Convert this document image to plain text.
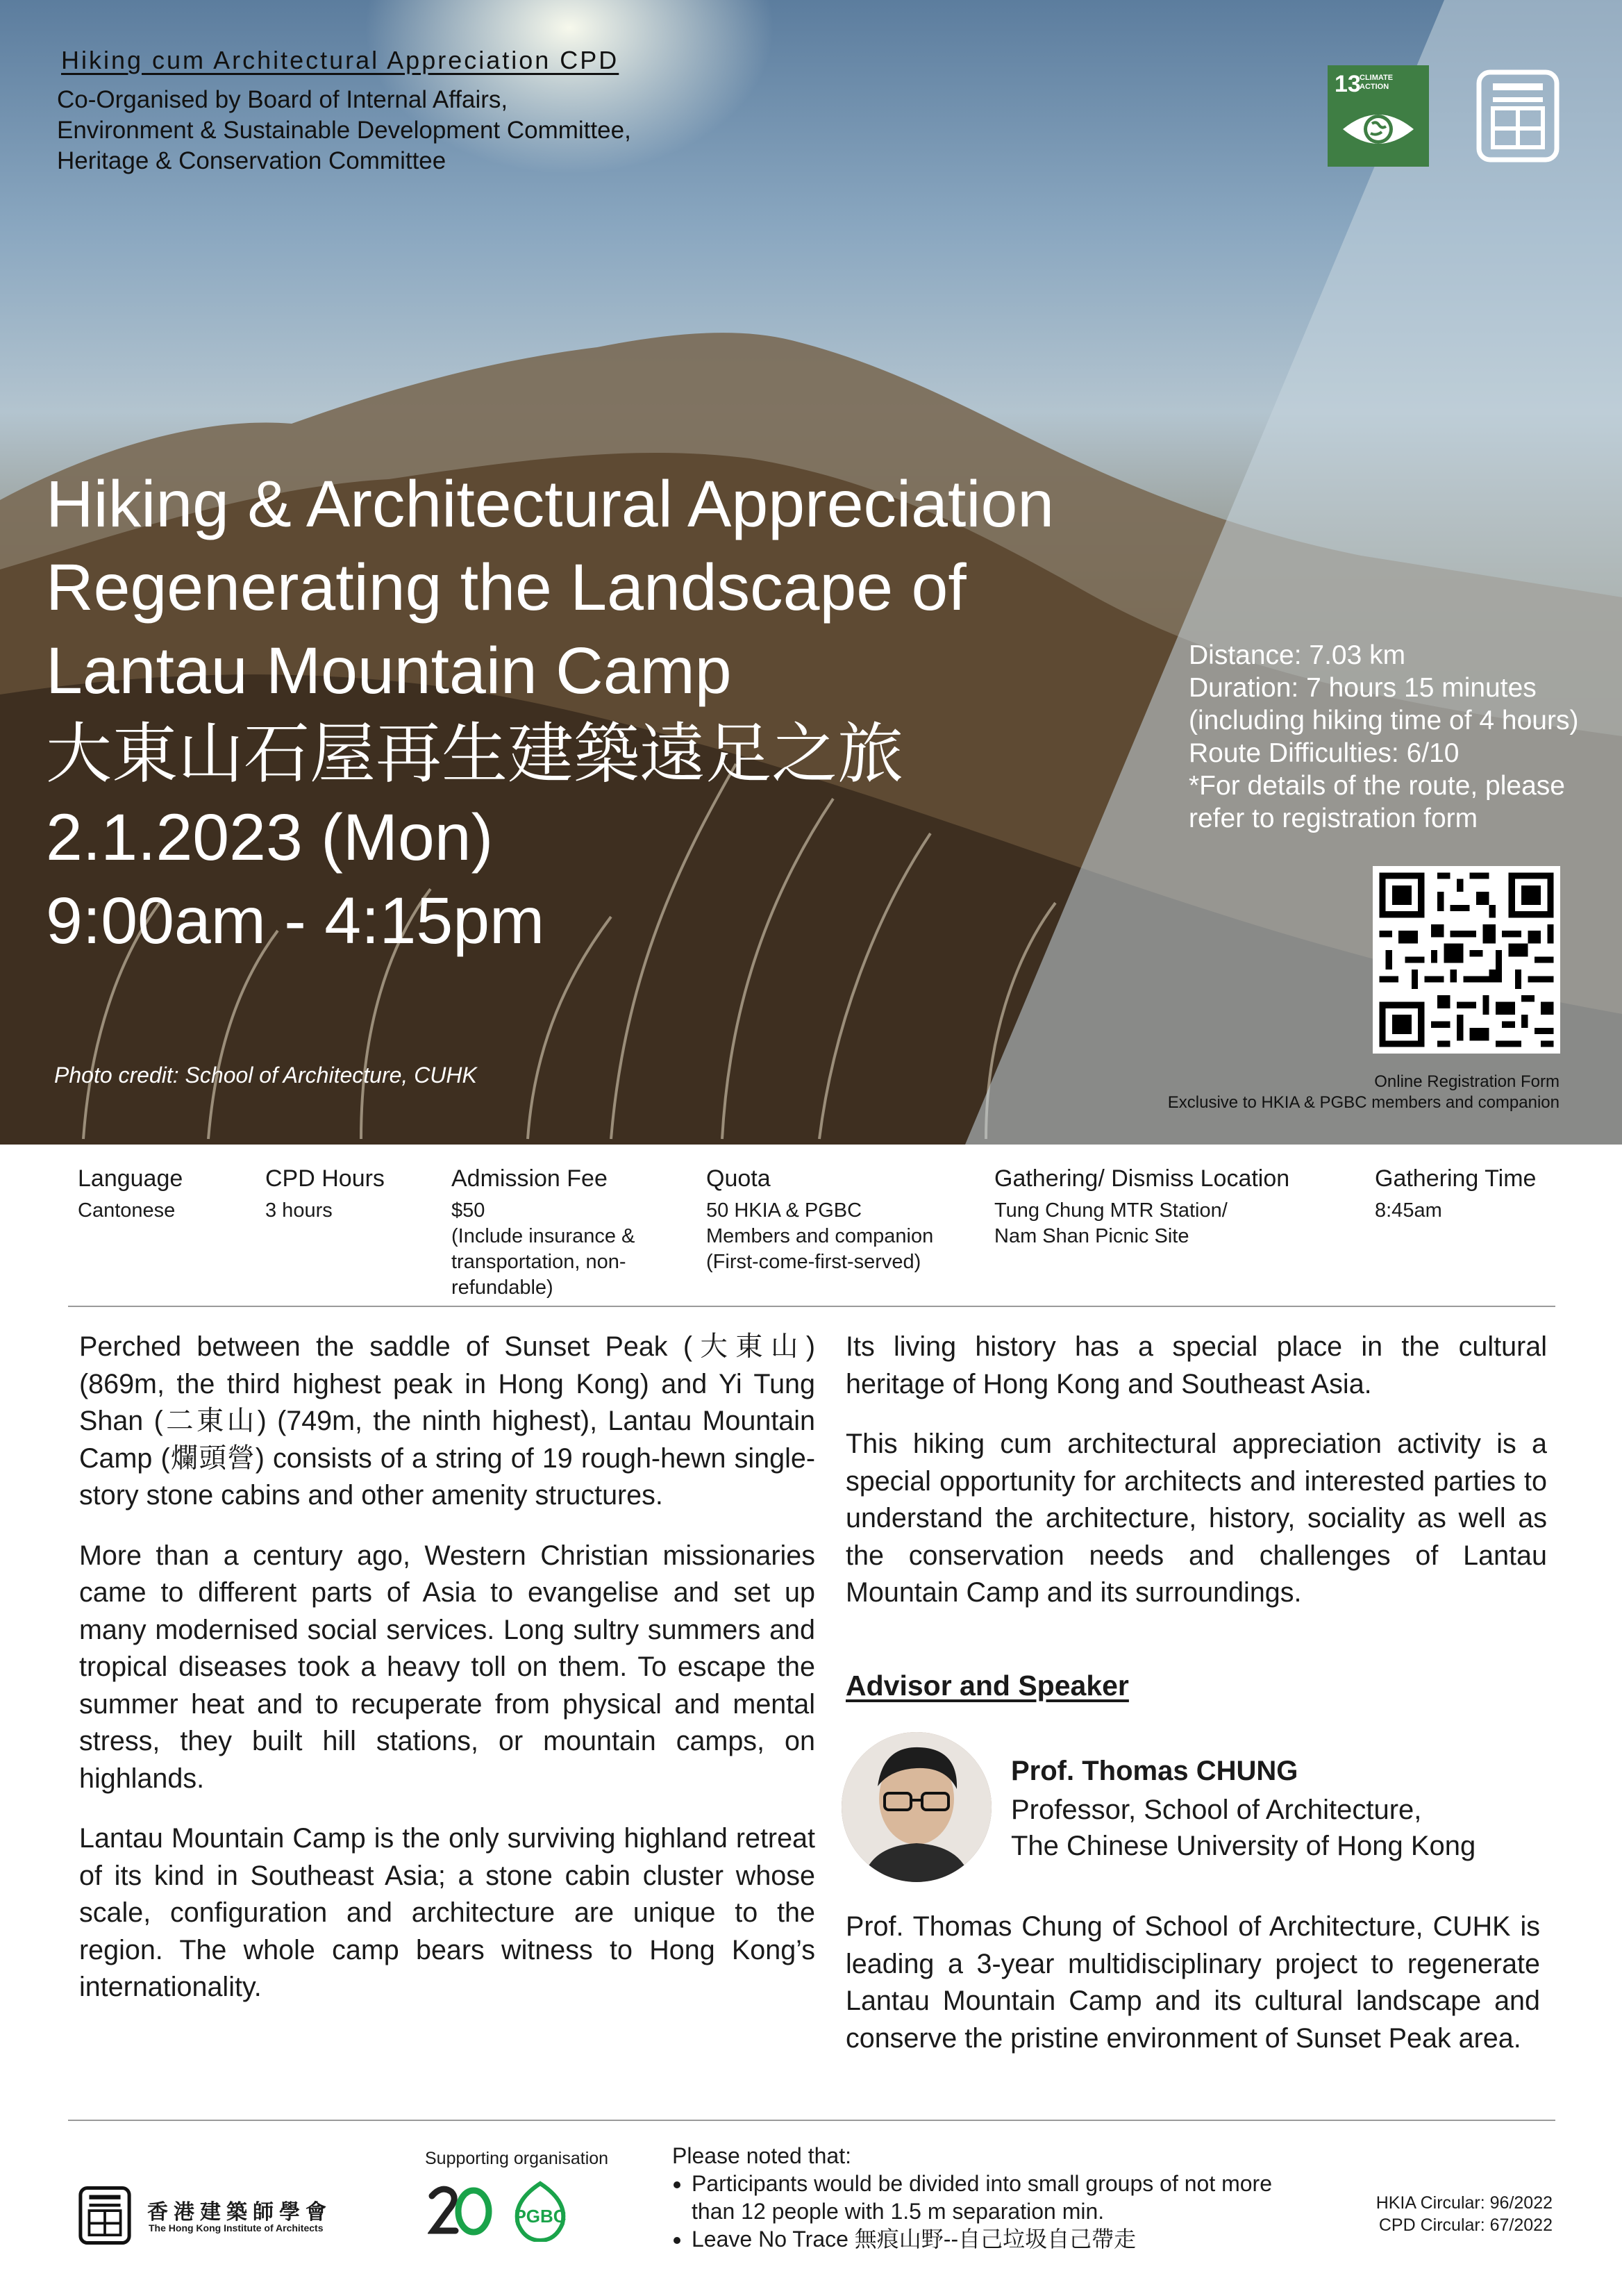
Hiking cum Architectural Appreciation CPD
Co-Organised by Board of Internal Affairs,
Environment & Sustainable Development Committee,
Heritage & Conservation Committee
13
CLIMATE ACTION
Hiking & Architectural Appreciation
Regenerating the Landscape of
Lantau Mountain Camp
大東山石屋再生建築遠足之旅
2.1.2023 (Mon)
9:00am - 4:15pm
Distance: 7.03 km
Duration: 7 hours 15 minutes
(including hiking time of 4 hours)
Route Difficulties: 6/10
*For details of the route, please
refer to registration form
Photo credit: School of Architecture, CUHK	Online Registration Form
Exclusive to HKIA & PGBC members and companion
Language
Cantonese
CPD Hours
3 hours
Admission Fee
$50
(Include insurance &
transportation, non-
refundable)
Quota
50 HKIA & PGBC
Members and companion
(First-come-first-served)
Gathering/ Dismiss Location
Tung Chung MTR Station/
Nam Shan Picnic Site
Gathering Time
8:45am

Perched between the saddle of Sunset Peak (大東山) (869m, the third highest peak in Hong Kong) and Yi Tung Shan (二東山) (749m, the ninth highest), Lantau Mountain Camp (爛頭營) consists of a string of 19 rough-hewn single-story stone cabins and other amenity structures.

More than a century ago, Western Christian missionaries came to different parts of Asia to evangelise and set up many modernised social services. Long sultry summers and tropical diseases took a heavy toll on them. To escape the summer heat and to recuperate from physical and mental stress, they built hill stations, or mountain camps, on highlands.

Lantau Mountain Camp is the only surviving highland retreat of its kind in Southeast Asia; a stone cabin cluster whose scale, configuration and architecture are unique to the region. The whole camp bears witness to Hong Kong’s internationality.

Its living history has a special place in the cultural heritage of Hong Kong and Southeast Asia.

This hiking cum architectural appreciation activity is a special opportunity for architects and interested parties to understand the architecture, history, sociality as well as the conservation needs and challenges of Lantau Mountain Camp and its surroundings.

Advisor and Speaker
Prof. Thomas CHUNG
Professor, School of Architecture,
The Chinese University of Hong Kong
Prof. Thomas Chung of School of Architecture, CUHK is leading a 3-year multidisciplinary project to regenerate Lantau Mountain Camp and its cultural landscape and conserve the pristine environment of Sunset Peak area.
香港建築師學會
The Hong Kong Institute of Architects
Supporting organisation
PGBC
Please noted that:
• Participants would be divided into small groups of not more
than 12 people with 1.5 m separation min.
• Leave No Trace 無痕山野--自己垃圾自己帶走
HKIA Circular: 96/2022
CPD Circular: 67/2022
